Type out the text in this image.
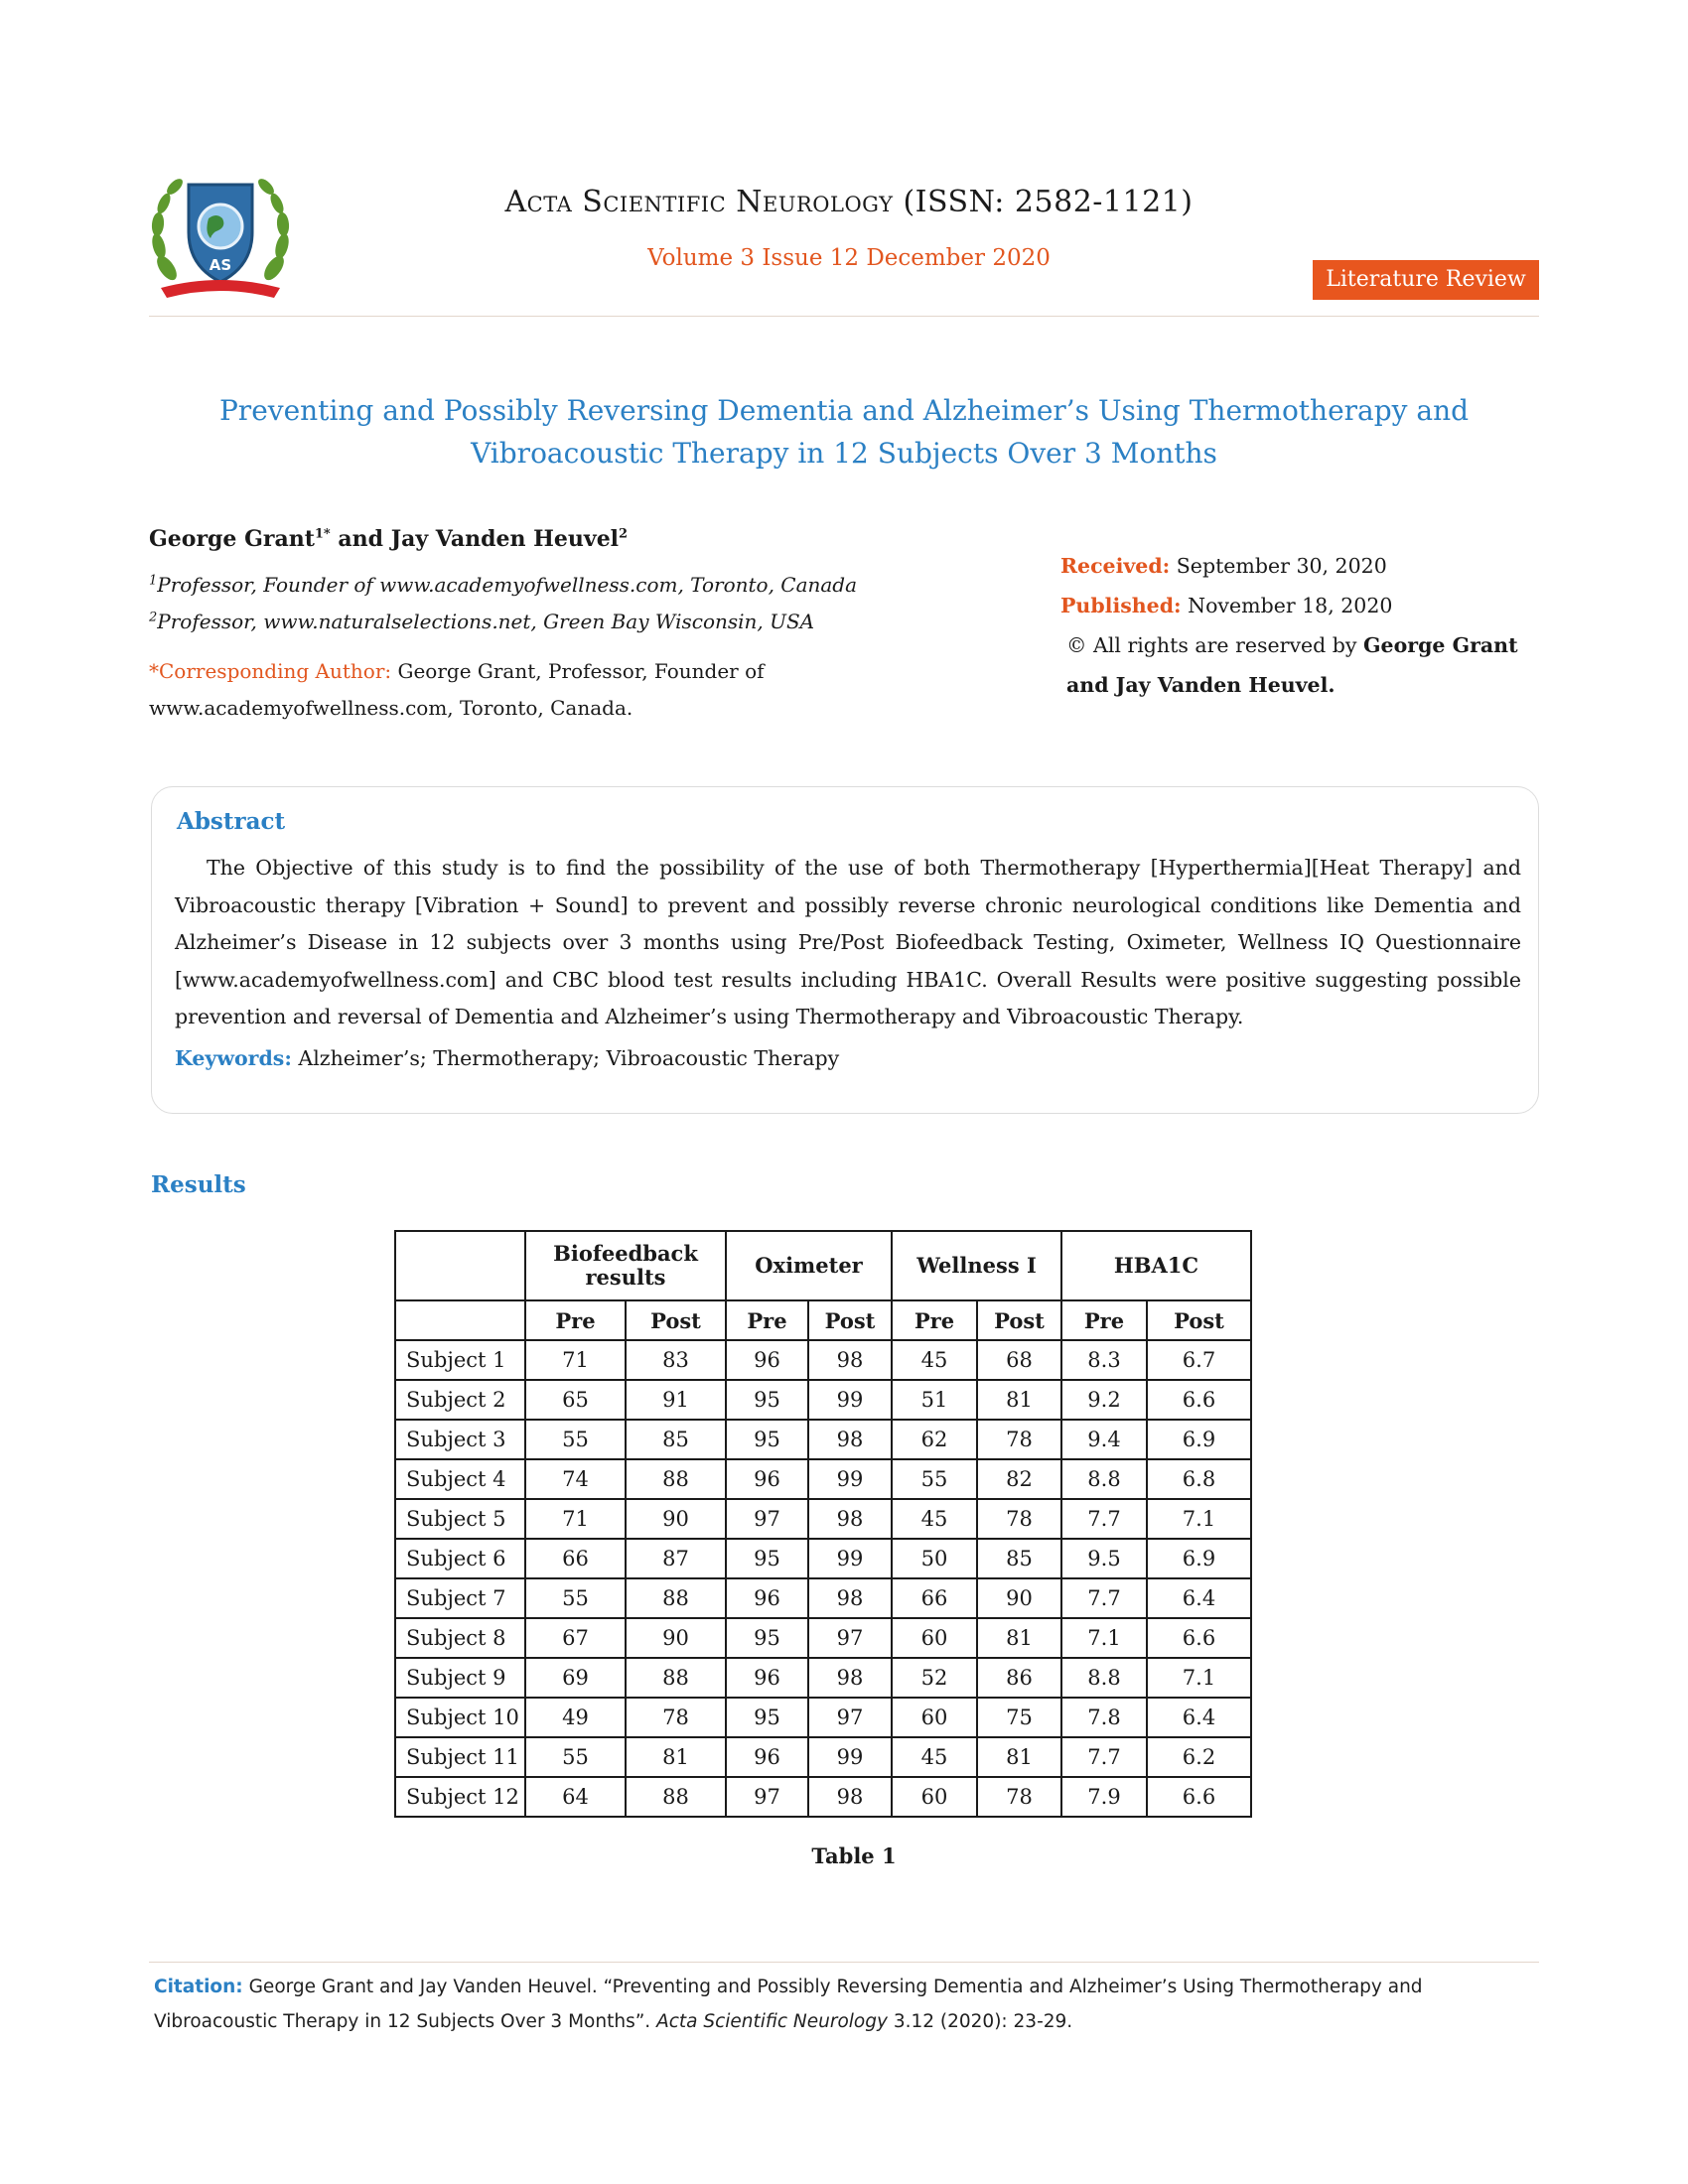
AS
Acta Scientific Neurology (ISSN: 2582-1121)
Volume 3 Issue 12 December 2020
Literature Review
Preventing and Possibly Reversing Dementia and Alzheimer’s Using Thermotherapy and
Vibroacoustic Therapy in 12 Subjects Over 3 Months
George Grant$^{1*}$ and Jay Vanden Heuvel$^2$
$^1$Professor, Founder of www.academyofwellness.com, Toronto, Canada
$^2$Professor, www.naturalselections.net, Green Bay Wisconsin, USA
*Corresponding Author: George Grant, Professor, Founder of www.academyofwellness.com, Toronto, Canada.
Received: September 30, 2020
Published: November 18, 2020
© All rights are reserved by George Grant and Jay Vanden Heuvel.
Abstract
The Objective of this study is to find the possibility of the use of both Thermotherapy [Hyperthermia][Heat Therapy] and Vibroacoustic therapy [Vibration + Sound] to prevent and possibly reverse chronic neurological conditions like Dementia and Alzheimer’s Disease in 12 subjects over 3 months using Pre/Post Biofeedback Testing, Oximeter, Wellness IQ Questionnaire [www.academyofwellness.com] and CBC blood test results including HBA1C. Overall Results were positive suggesting possible prevention and reversal of Dementia and Alzheimer’s using Thermotherapy and Vibroacoustic Therapy.
Keywords: Alzheimer’s; Thermotherapy; Vibroacoustic Therapy
Results
	Biofeedback results		Oximeter		Wellness I		HBA1C	
	Pre	Post	Pre	Post	Pre	Post	Pre	Post
Subject 1	71	83	96	98	45	68	8.3	6.7
Subject 2	65	91	95	99	51	81	9.2	6.6
Subject 3	55	85	95	98	62	78	9.4	6.9
Subject 4	74	88	96	99	55	82	8.8	6.8
Subject 5	71	90	97	98	45	78	7.7	7.1
Subject 6	66	87	95	99	50	85	9.5	6.9
Subject 7	55	88	96	98	66	90	7.7	6.4
Subject 8	67	90	95	97	60	81	7.1	6.6
Subject 9	69	88	96	98	52	86	8.8	7.1
Subject 10	49	78	95	97	60	75	7.8	6.4
Subject 11	55	81	96	99	45	81	7.7	6.2
Subject 12	64	88	97	98	60	78	7.9	6.6
Table 1
Citation: George Grant and Jay Vanden Heuvel. “Preventing and Possibly Reversing Dementia and Alzheimer’s Using Thermotherapy and Vibroacoustic Therapy in 12 Subjects Over 3 Months”. Acta Scientific Neurology 3.12 (2020): 23-29.
